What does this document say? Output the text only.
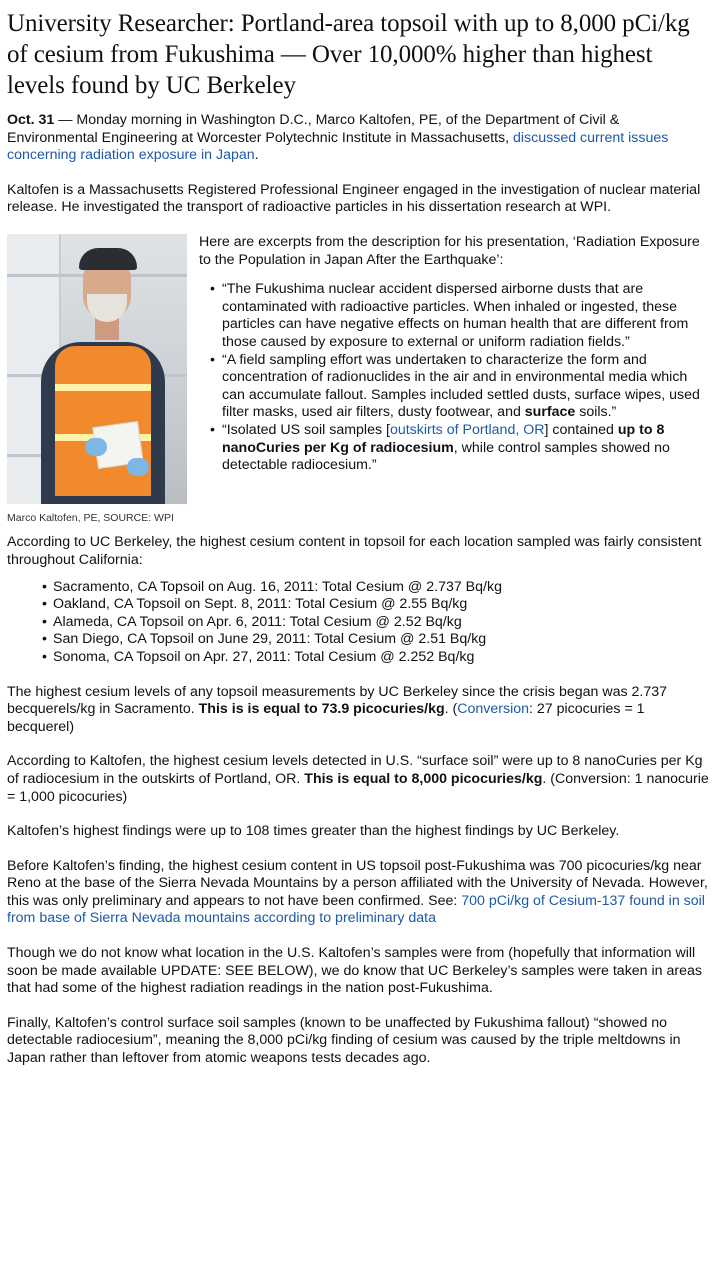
University Researcher: Portland-area topsoil with up to 8,000 pCi/kg of cesium from Fukushima — Over 10,000% higher than highest levels found by UC Berkeley

Oct. 31 — Monday morning in Washington D.C., Marco Kaltofen, PE, of the Department of Civil & Environmental Engineering at Worcester Polytechnic Institute in Massachusetts, discussed current issues concerning radiation exposure in Japan.

Kaltofen is a Massachusetts Registered Professional Engineer engaged in the investigation of nuclear material release. He investigated the transport of radioactive particles in his dissertation research at WPI.

Marco Kaltofen, PE, SOURCE: WPI

Here are excerpts from the description for his presentation, ‘Radiation Exposure to the Population in Japan After the Earthquake’:

• “The Fukushima nuclear accident dispersed airborne dusts that are contaminated with radioactive particles. When inhaled or ingested, these particles can have negative effects on human health that are different from those caused by exposure to external or uniform radiation fields.”
• “A field sampling effort was undertaken to characterize the form and concentration of radionuclides in the air and in environmental media which can accumulate fallout. Samples included settled dusts, surface wipes, used filter masks, used air filters, dusty footwear, and surface soils.”
• “Isolated US soil samples [outskirts of Portland, OR] contained up to 8 nanoCuries per Kg of radiocesium, while control samples showed no detectable radiocesium.”

According to UC Berkeley, the highest cesium content in topsoil for each location sampled was fairly consistent throughout California:

• Sacramento, CA Topsoil on Aug. 16, 2011: Total Cesium @ 2.737 Bq/kg
• Oakland, CA Topsoil on Sept. 8, 2011: Total Cesium @ 2.55 Bq/kg
• Alameda, CA Topsoil on Apr. 6, 2011: Total Cesium @ 2.52 Bq/kg
• San Diego, CA Topsoil on June 29, 2011: Total Cesium @ 2.51 Bq/kg
• Sonoma, CA Topsoil on Apr. 27, 2011: Total Cesium @ 2.252 Bq/kg

The highest cesium levels of any topsoil measurements by UC Berkeley since the crisis began was 2.737 becquerels/kg in Sacramento. This is is equal to 73.9 picocuries/kg. (Conversion: 27 picocuries = 1 becquerel)

According to Kaltofen, the highest cesium levels detected in U.S. “surface soil” were up to 8 nanoCuries per Kg of radiocesium in the outskirts of Portland, OR. This is equal to 8,000 picocuries/kg. (Conversion: 1 nanocurie = 1,000 picocuries)

Kaltofen’s highest findings were up to 108 times greater than the highest findings by UC Berkeley.

Before Kaltofen’s finding, the highest cesium content in US topsoil post-Fukushima was 700 picocuries/kg near Reno at the base of the Sierra Nevada Mountains by a person affiliated with the University of Nevada. However, this was only preliminary and appears to not have been confirmed. See: 700 pCi/kg of Cesium-137 found in soil from base of Sierra Nevada mountains according to preliminary data

Though we do not know what location in the U.S. Kaltofen’s samples were from (hopefully that information will soon be made available UPDATE: SEE BELOW), we do know that UC Berkeley’s samples were taken in areas that had some of the highest radiation readings in the nation post-Fukushima.

Finally, Kaltofen’s control surface soil samples (known to be unaffected by Fukushima fallout) “showed no detectable radiocesium”, meaning the 8,000 pCi/kg finding of cesium was caused by the triple meltdowns in Japan rather than leftover from atomic weapons tests decades ago.
